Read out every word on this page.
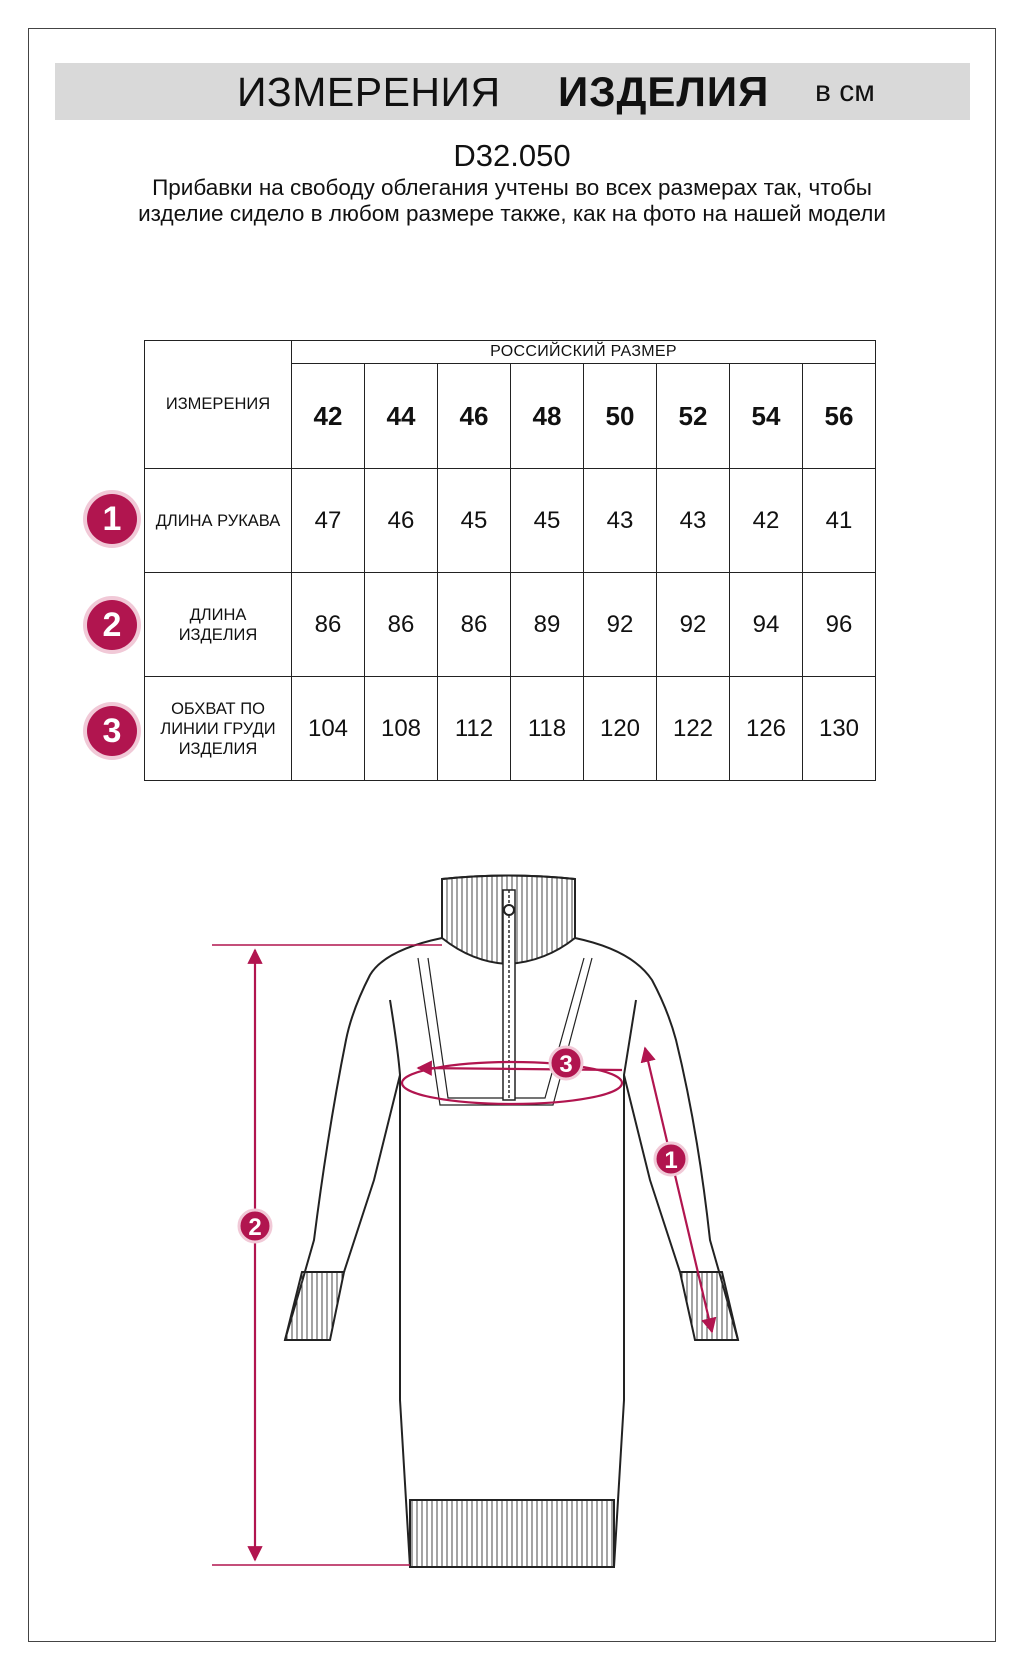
ИЗМЕРЕНИЯ ИЗДЕЛИЯ в см
D32.050
Прибавки на свободу облегания учтены во всех размерах так, чтобы изделие сидело в любом размере также, как на фото на нашей модели
ИЗМЕРЕНИЯ	РОССИЙСКИЙ РАЗМЕР							
	42	44	46	48	50	52	54	56
ДЛИНА РУКАВА	47	46	45	45	43	43	42	41
ДЛИНА
ИЗДЕЛИЯ	86	86	86	89	92	92	94	96
ОБХВАТ ПО
ЛИНИИ ГРУДИ
ИЗДЕЛИЯ	104	108	112	118	120	122	126	130
1
2
3
3
1
2
